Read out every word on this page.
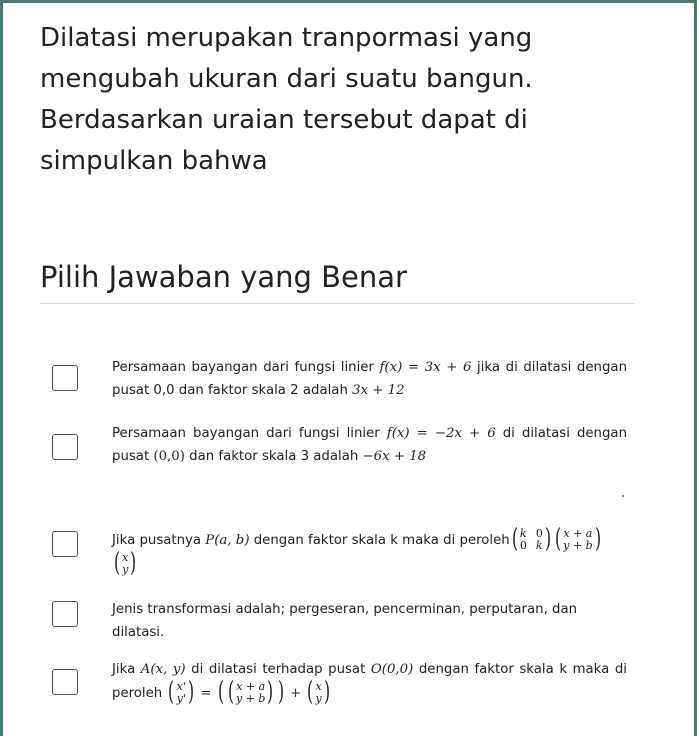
Dilatasi merupakan tranpormasi yang mengubah ukuran dari suatu bangun. Berdasarkan uraian tersebut dapat di simpulkan bahwa

Pilih Jawaban yang Benar
Persamaan bayangan dari fungsi linier f(x) = 3x + 6 jika di dilatasi dengan pusat 0,0 dan faktor skala 2 adalah 3x + 12
Persamaan bayangan dari fungsi linier f(x) = −2x + 6 di dilatasi dengan pusat (0,0) dan faktor skala 3 adalah −6x + 18
Jika pusatnya P(a, b) dengan faktor skala k maka di peroleh ( k 0
0 k ) ( x + a
y + b )
( x
y )
Jenis transformasi adalah; pergeseran, pencerminan, perputaran, dan dilatasi.
Jika A(x, y) di dilatasi terhadap pusat O(0,0) dengan faktor skala k maka di peroleh ( x'
y' ) = ( ( x + a
y + b ) ) + ( x
y )
